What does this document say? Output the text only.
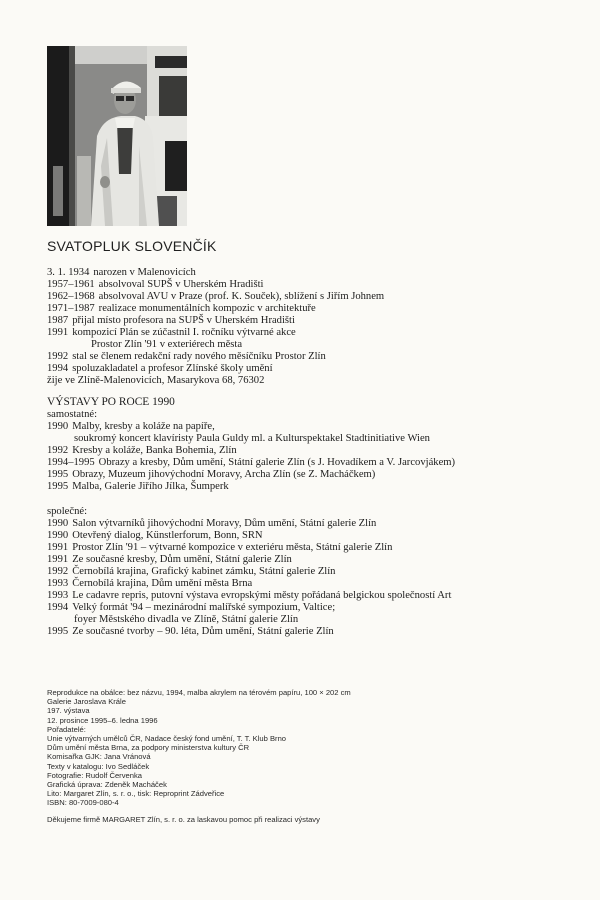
SVATOPLUK SLOVENČÍK
3. 1. 1934 narozen v Malenovicích
1957–1961 absolvoval SUPŠ v Uherském Hradišti
1962–1968 absolvoval AVU v Praze (prof. K. Souček), sblížení s Jiřím Johnem
1971–1987 realizace monumentálních kompozic v architektuře
1987 přijal místo profesora na SUPŠ v Uherském Hradišti
1991 kompozicí Plán se zúčastnil I. ročníku výtvarné akce
Prostor Zlín '91 v exteriérech města
1992 stal se členem redakční rady nového měsíčníku Prostor Zlín
1994 spoluzakladatel a profesor Zlínské školy umění
žije ve Zlíně-Malenovicích, Masarykova 68, 76302
VÝSTAVY PO ROCE 1990
samostatné:
1990 Malby, kresby a koláže na papíře,
soukromý koncert klavíristy Paula Guldy ml. a Kulturspektakel Stadtinitiative Wien
1992 Kresby a koláže, Banka Bohemia, Zlín
1994–1995 Obrazy a kresby, Dům umění, Státní galerie Zlín (s J. Hovadíkem a V. Jarcovjákem)
1995 Obrazy, Muzeum jihovýchodní Moravy, Archa Zlín (se Z. Macháčkem)
1995 Malba, Galerie Jiřího Jílka, Šumperk
společné:
1990 Salon výtvarníků jihovýchodní Moravy, Dům umění, Státní galerie Zlín
1990 Otevřený dialog, Künstlerforum, Bonn, SRN
1991 Prostor Zlín '91 – výtvarné kompozice v exteriéru města, Státní galerie Zlín
1991 Ze současné kresby, Dům umění, Státní galerie Zlín
1992 Černobílá krajina, Grafický kabinet zámku, Státní galerie Zlín
1993 Černobílá krajina, Dům umění města Brna
1993 Le cadavre repris, putovní výstava evropskými městy pořádaná belgickou společností Art
1994 Velký formát '94 – mezinárodní malířské sympozium, Valtice;
foyer Městského divadla ve Zlíně, Státní galerie Zlín
1995 Ze současné tvorby – 90. léta, Dům umění, Státní galerie Zlín
Reprodukce na obálce: bez názvu, 1994, malba akrylem na térovém papíru, 100 × 202 cm
Galerie Jaroslava Krále
197. výstava
12. prosince 1995–6. ledna 1996
Pořadatelé:
Unie výtvarných umělců ČR, Nadace český fond umění, T. T. Klub Brno
Dům umění města Brna, za podpory ministerstva kultury ČR
Komisařka GJK: Jana Vránová
Texty v katalogu: Ivo Sedláček
Fotografie: Rudolf Červenka
Grafická úprava: Zdeněk Macháček
Lito: Margaret Zlín, s. r. o., tisk: Reproprint Zádveřice
ISBN: 80-7009-080-4
Děkujeme firmě MARGARET Zlín, s. r. o. za laskavou pomoc při realizaci výstavy
